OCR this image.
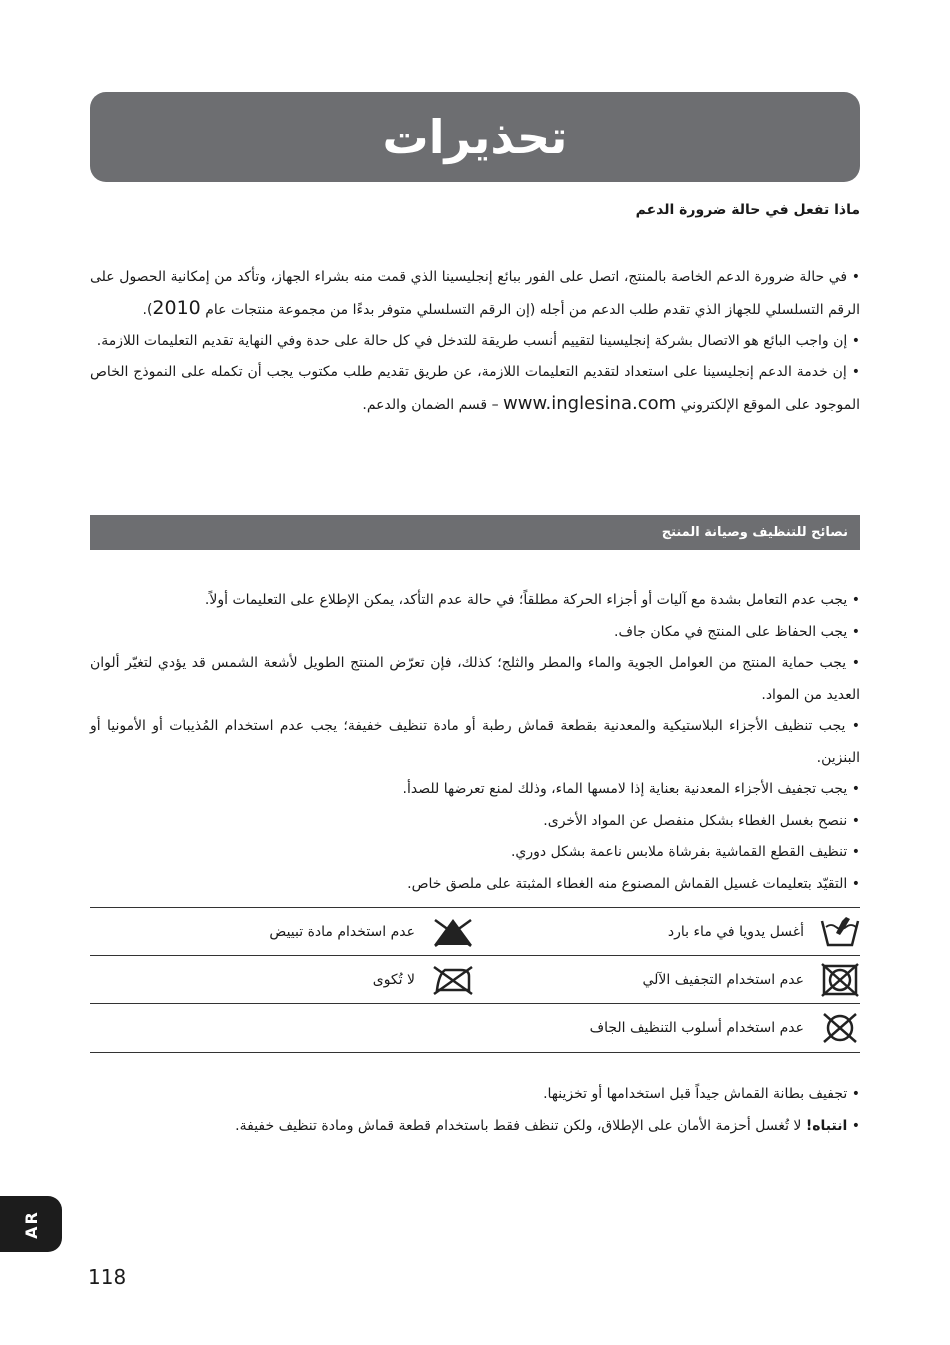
تحذيرات
ماذا تفعل في حالة ضرورة الدعم

• في حالة ضرورة الدعم الخاصة بالمنتج، اتصل على الفور ببائع إنجليسينا الذي قمت منه بشراء الجهاز، وتأكد من إمكانية الحصول على الرقم التسلسلي للجهاز الذي تقدم طلب الدعم من أجله (إن الرقم التسلسلي متوفر بدءًا من مجموعة منتجات عام 2010).

• إن واجب البائع هو الاتصال بشركة إنجليسينا لتقييم أنسب طريقة للتدخل في كل حالة على حدة وفي النهاية تقديم التعليمات اللازمة.

• إن خدمة الدعم إنجليسينا على استعداد لتقديم التعليمات اللازمة، عن طريق تقديم طلب مكتوب يجب أن تكمله على النموذج الخاص الموجود على الموقع الإلكتروني www.inglesina.com – قسم الضمان والدعم.

نصائح للتنظيف وصيانة المنتج

• يجب عدم التعامل بشدة مع آليات أو أجزاء الحركة مطلقاً؛ في حالة عدم التأكد، يمكن الإطلاع على التعليمات أولاً.

• يجب الحفاظ على المنتج في مكان جاف.

• يجب حماية المنتج من العوامل الجوية والماء والمطر والثلج؛ كذلك، فإن تعرّض المنتج الطويل لأشعة الشمس قد يؤدي لتغيّر ألوان العديد من المواد.

• يجب تنظيف الأجزاء البلاستيكية والمعدنية بقطعة قماش رطبة أو مادة تنظيف خفيفة؛ يجب عدم استخدام المُذيبات أو الأمونيا أو البنزين.

• يجب تجفيف الأجزاء المعدنية بعناية إذا لامسها الماء، وذلك لمنع تعرضها للصدأ.

• ننصح بغسل الغطاء بشكل منفصل عن المواد الأخرى.

• تنظيف القطع القماشية بفرشاة ملابس ناعمة بشكل دوري.

• التقيّد بتعليمات غسيل القماش المصنوع منه الغطاء المثبتة على ملصق خاص.

أغسل يدويا في ماء بارد
عدم استخدام مادة تبييض
عدم استخدام التجفيف الآلي
لا تُكوى
عدم استخدام أسلوب التنظيف الجاف

• تجفيف بطانة القماش جيداً قبل استخدامها أو تخزينها.

• انتباه! لا تُغسل أحزمة الأمان على الإطلاق، ولكن تنظف فقط باستخدام قطعة قماش ومادة تنظيف خفيفة.

AR
118
